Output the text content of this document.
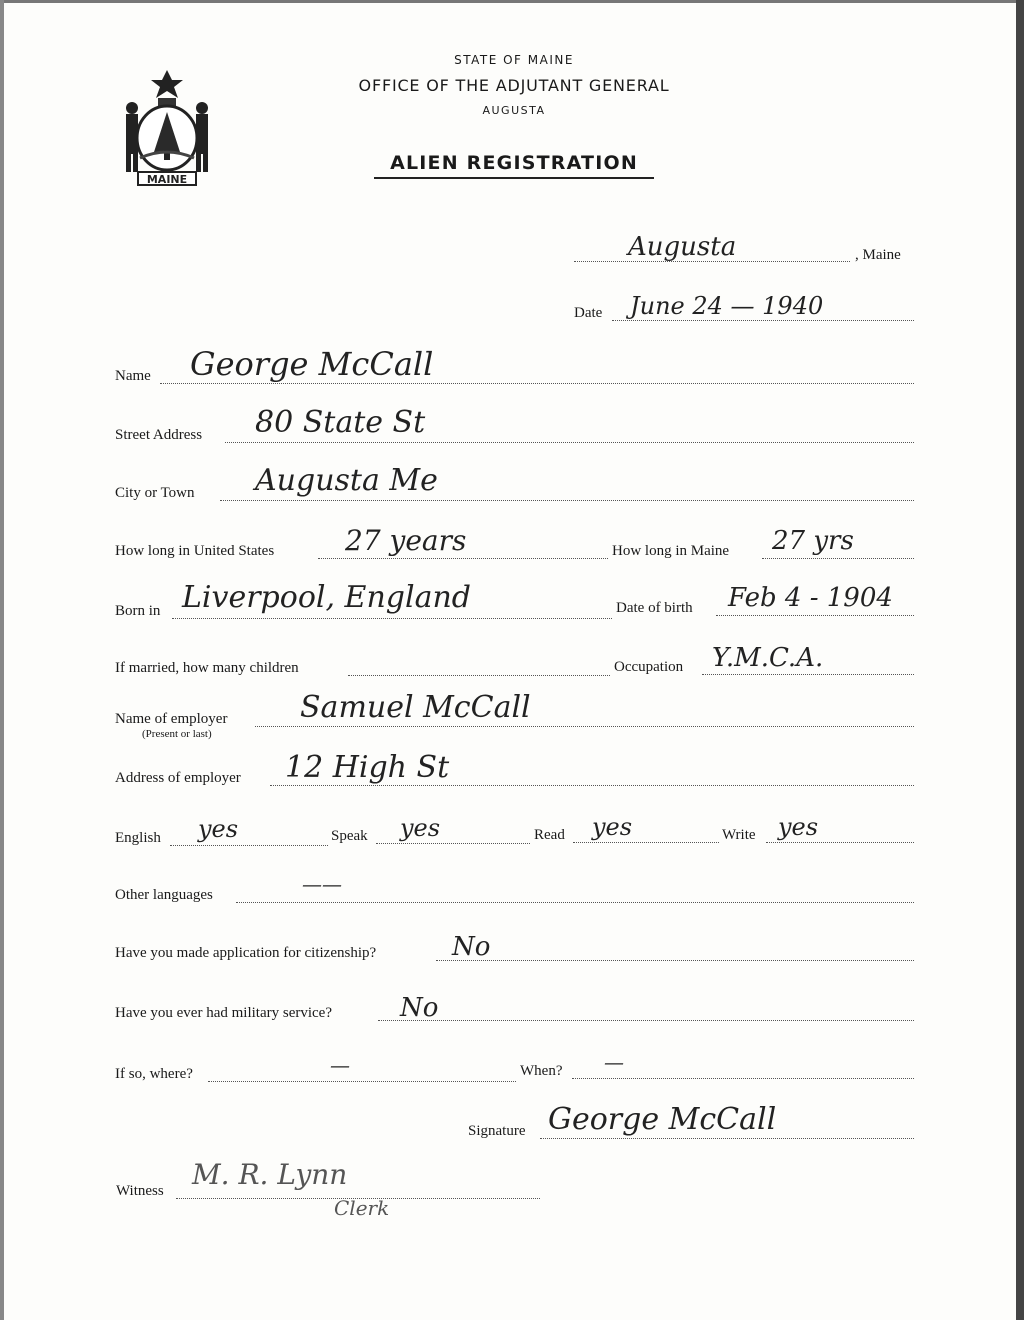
MAINE
STATE OF MAINE
OFFICE OF THE ADJUTANT GENERAL
AUGUSTA
ALIEN REGISTRATION
Augusta	, Maine
Date June 24 — 1940
Name George McCall
Street Address 80 State St
City or Town Augusta Me
How long in United States	27 years	How long in Maine 27 yrs
Born in Liverpool, England	Date of birth Feb 4 - 1904
If married, how many children	Occupation Y.M.C.A.
Name of employer
(Present or last)
Samuel McCall
Address of employer 12 High St
English yes	Speak yes	Read yes	Write yes
Other languages	——
Have you made application for citizenship?	No
Have you ever had military service?	No
If so, where?	—	When? —
Signature George McCall
Witness M. R. Lynn
Clerk
